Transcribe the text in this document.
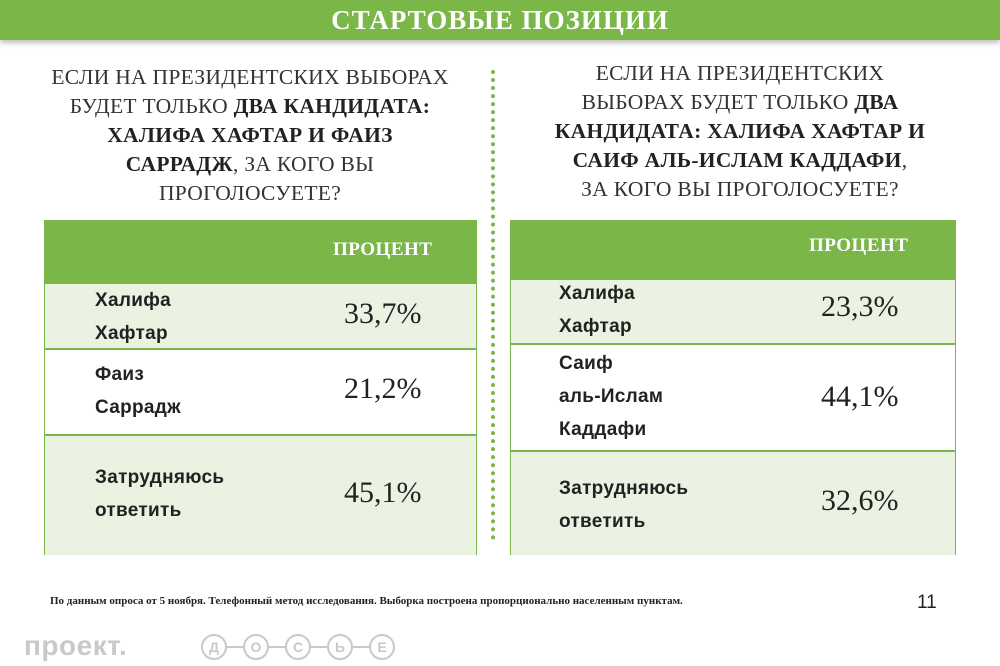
СТАРТОВЫЕ ПОЗИЦИИ
ЕСЛИ НА ПРЕЗИДЕНТСКИХ ВЫБОРАХ
БУДЕТ ТОЛЬКО ДВА КАНДИДАТА:
ХАЛИФА ХАФТАР И ФАИЗ
САРРАДЖ, ЗА КОГО ВЫ
ПРОГОЛОСУЕТЕ?
ЕСЛИ НА ПРЕЗИДЕНТСКИХ
ВЫБОРАХ БУДЕТ ТОЛЬКО ДВА
КАНДИДАТА: ХАЛИФА ХАФТАР И
САИФ АЛЬ-ИСЛАМ КАДДАФИ,
ЗА КОГО ВЫ ПРОГОЛОСУЕТЕ?
ПРОЦЕНТ
Халифа
Хафтар
33,7%
Фаиз
Саррадж
21,2%
Затрудняюсь
ответить
45,1%
ПРОЦЕНТ
Халифа
Хафтар
23,3%
Саиф
аль-Ислам
Каддафи
44,1%
Затрудняюсь
ответить
32,6%
По данным опроса от 5 ноября. Телефонный метод исследования. Выборка построена пропорционально населенным пунктам.	11
проект.	Д О С Ь Е
